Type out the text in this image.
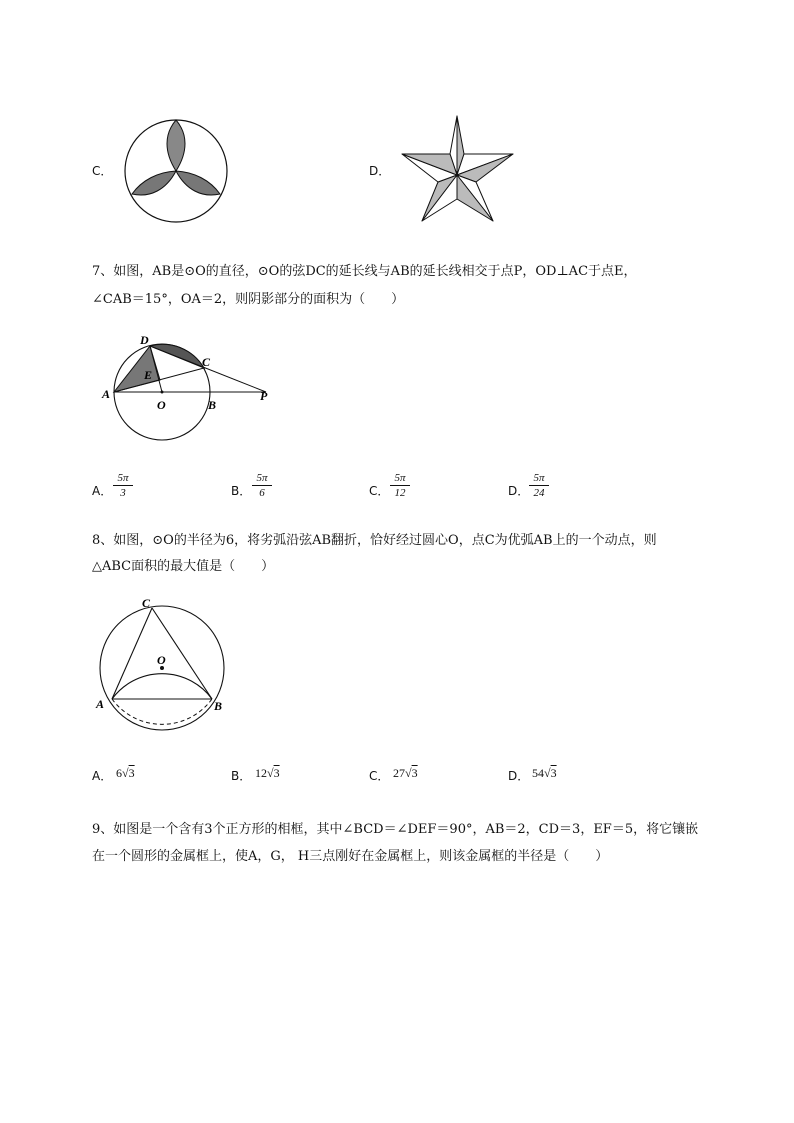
C．	D．
7、如图，AB是⊙O的直径，⊙O的弦DC的延长线与AB的延长线相交于点P，OD⊥AC于点E，
∠CAB＝15°，OA＝2，则阴影部分的面积为（　　）
A
O	B
P
D
C
E
A．
5π
3	B．
5π
6	C．
5π
12	D．
5π
24
8、如图，⊙O的半径为6，将劣弧沿弦AB翻折，恰好经过圆心O，点C为优弧AB上的一个动点，则
△ABC面积的最大值是（　　）
C
O
A	B
A． 6√3	B． 12√3	C． 27√3	D． 54√3
9、如图是一个含有3个正方形的相框，其中∠BCD＝∠DEF＝90°，AB＝2，CD＝3，EF＝5，将它镶嵌
在一个圆形的金属框上，使A，G， H三点刚好在金属框上，则该金属框的半径是（　　）
